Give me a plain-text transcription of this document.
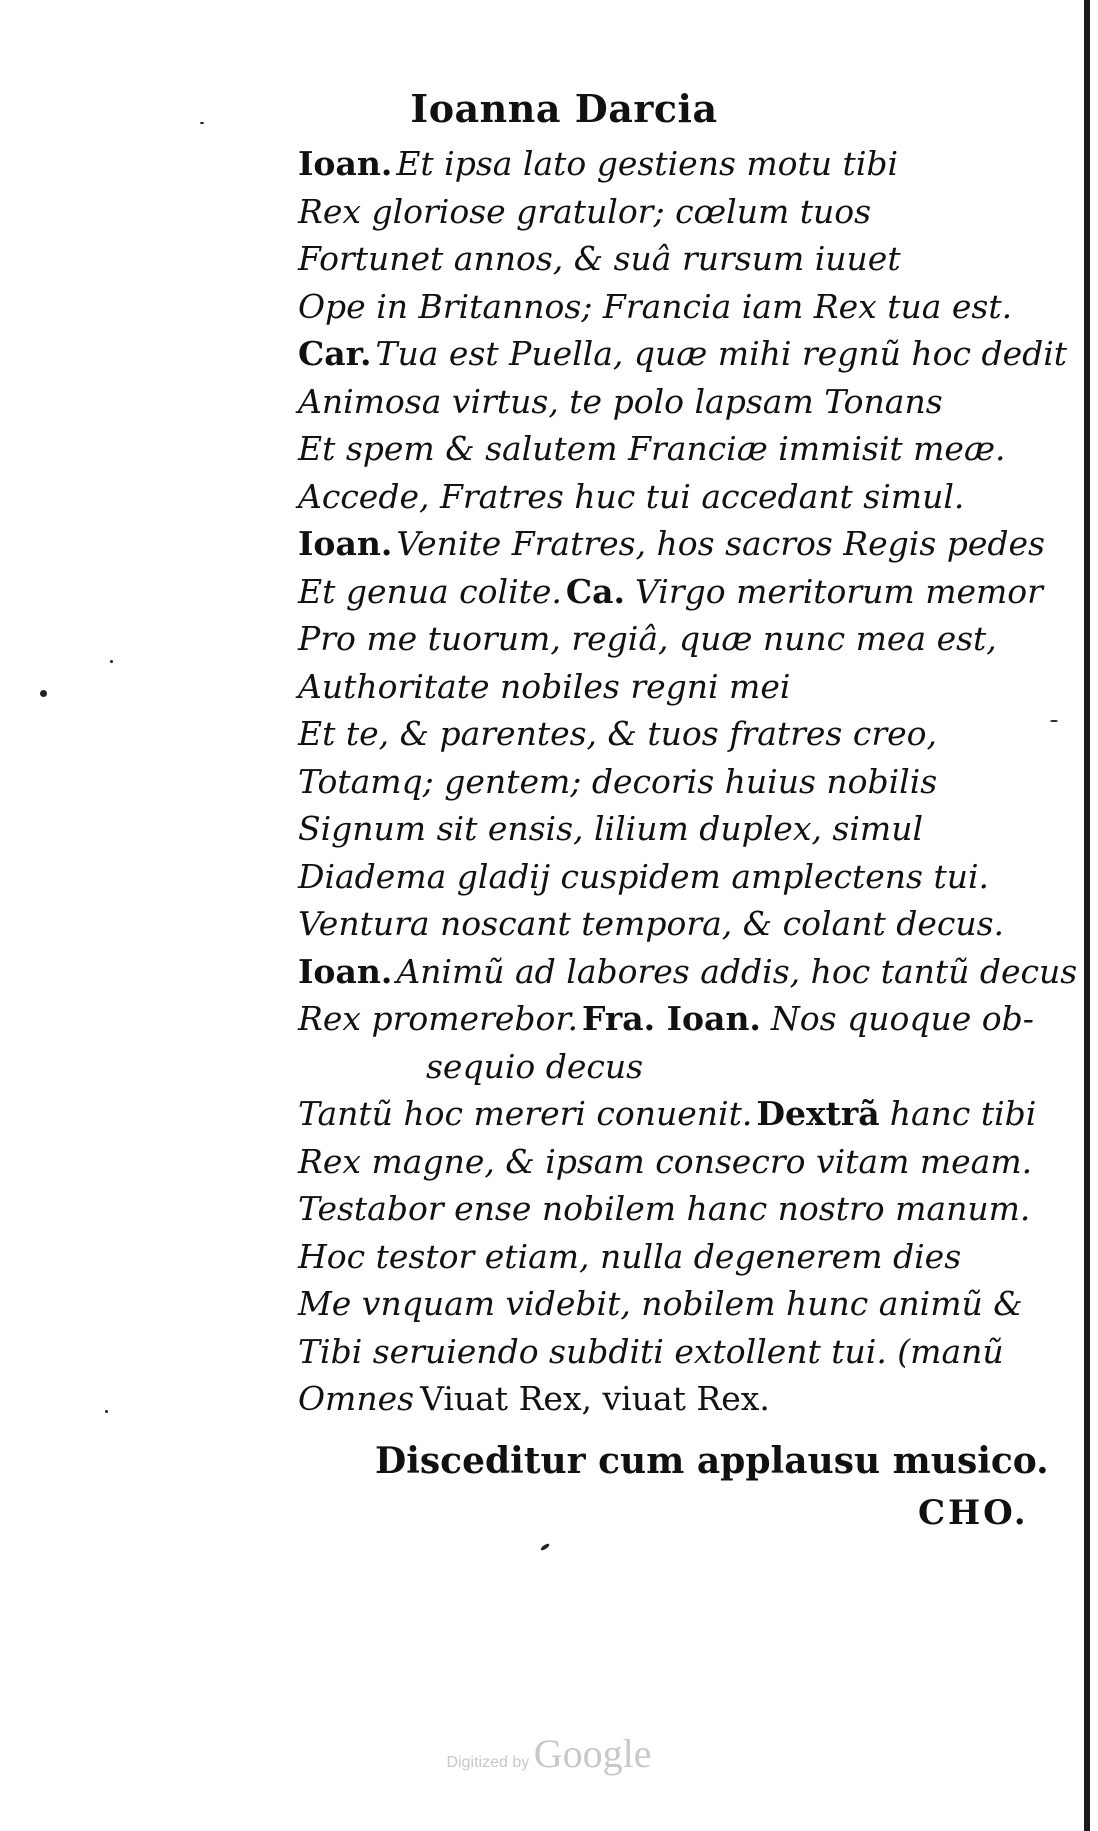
Ioanna Darcia
Ioan. Et ipsa lato gestiens motu tibi
Rex gloriose gratulor; cœlum tuos
Fortunet annos, & suâ rursum iuuet
Ope in Britannos; Francia iam Rex tua est.
Car. Tua est Puella, quæ mihi regnũ hoc dedit
Animosa virtus, te polo lapsam Tonans
Et spem & salutem Franciæ immisit meæ.
Accede, Fratres huc tui accedant simul.
Ioan. Venite Fratres, hos sacros Regis pedes
Et genua colite. Ca. Virgo meritorum memor
Pro me tuorum, regiâ, quæ nunc mea est,
Authoritate nobiles regni mei
Et te, & parentes, & tuos fratres creo,
Totamq; gentem; decoris huius nobilis
Signum sit ensis, lilium duplex, simul
Diadema gladij cuspidem amplectens tui.
Ventura noscant tempora, & colant decus.
Ioan. Animũ ad labores addis, hoc tantũ decus
Rex promerebor. Fra. Ioan. Nos quoque ob-
sequio decus
Tantũ hoc mereri conuenit. Dextrã hanc tibi
Rex magne, & ipsam consecro vitam meam.
Testabor ense nobilem hanc nostro manum.
Hoc testor etiam, nulla degenerem dies
Me vnquam videbit, nobilem hunc animũ &
Tibi seruiendo subditi extollent tui. (manũ
Omnes Viuat Rex, viuat Rex.
Disceditur cum applausu musico.
CHO.
Digitized by Google
